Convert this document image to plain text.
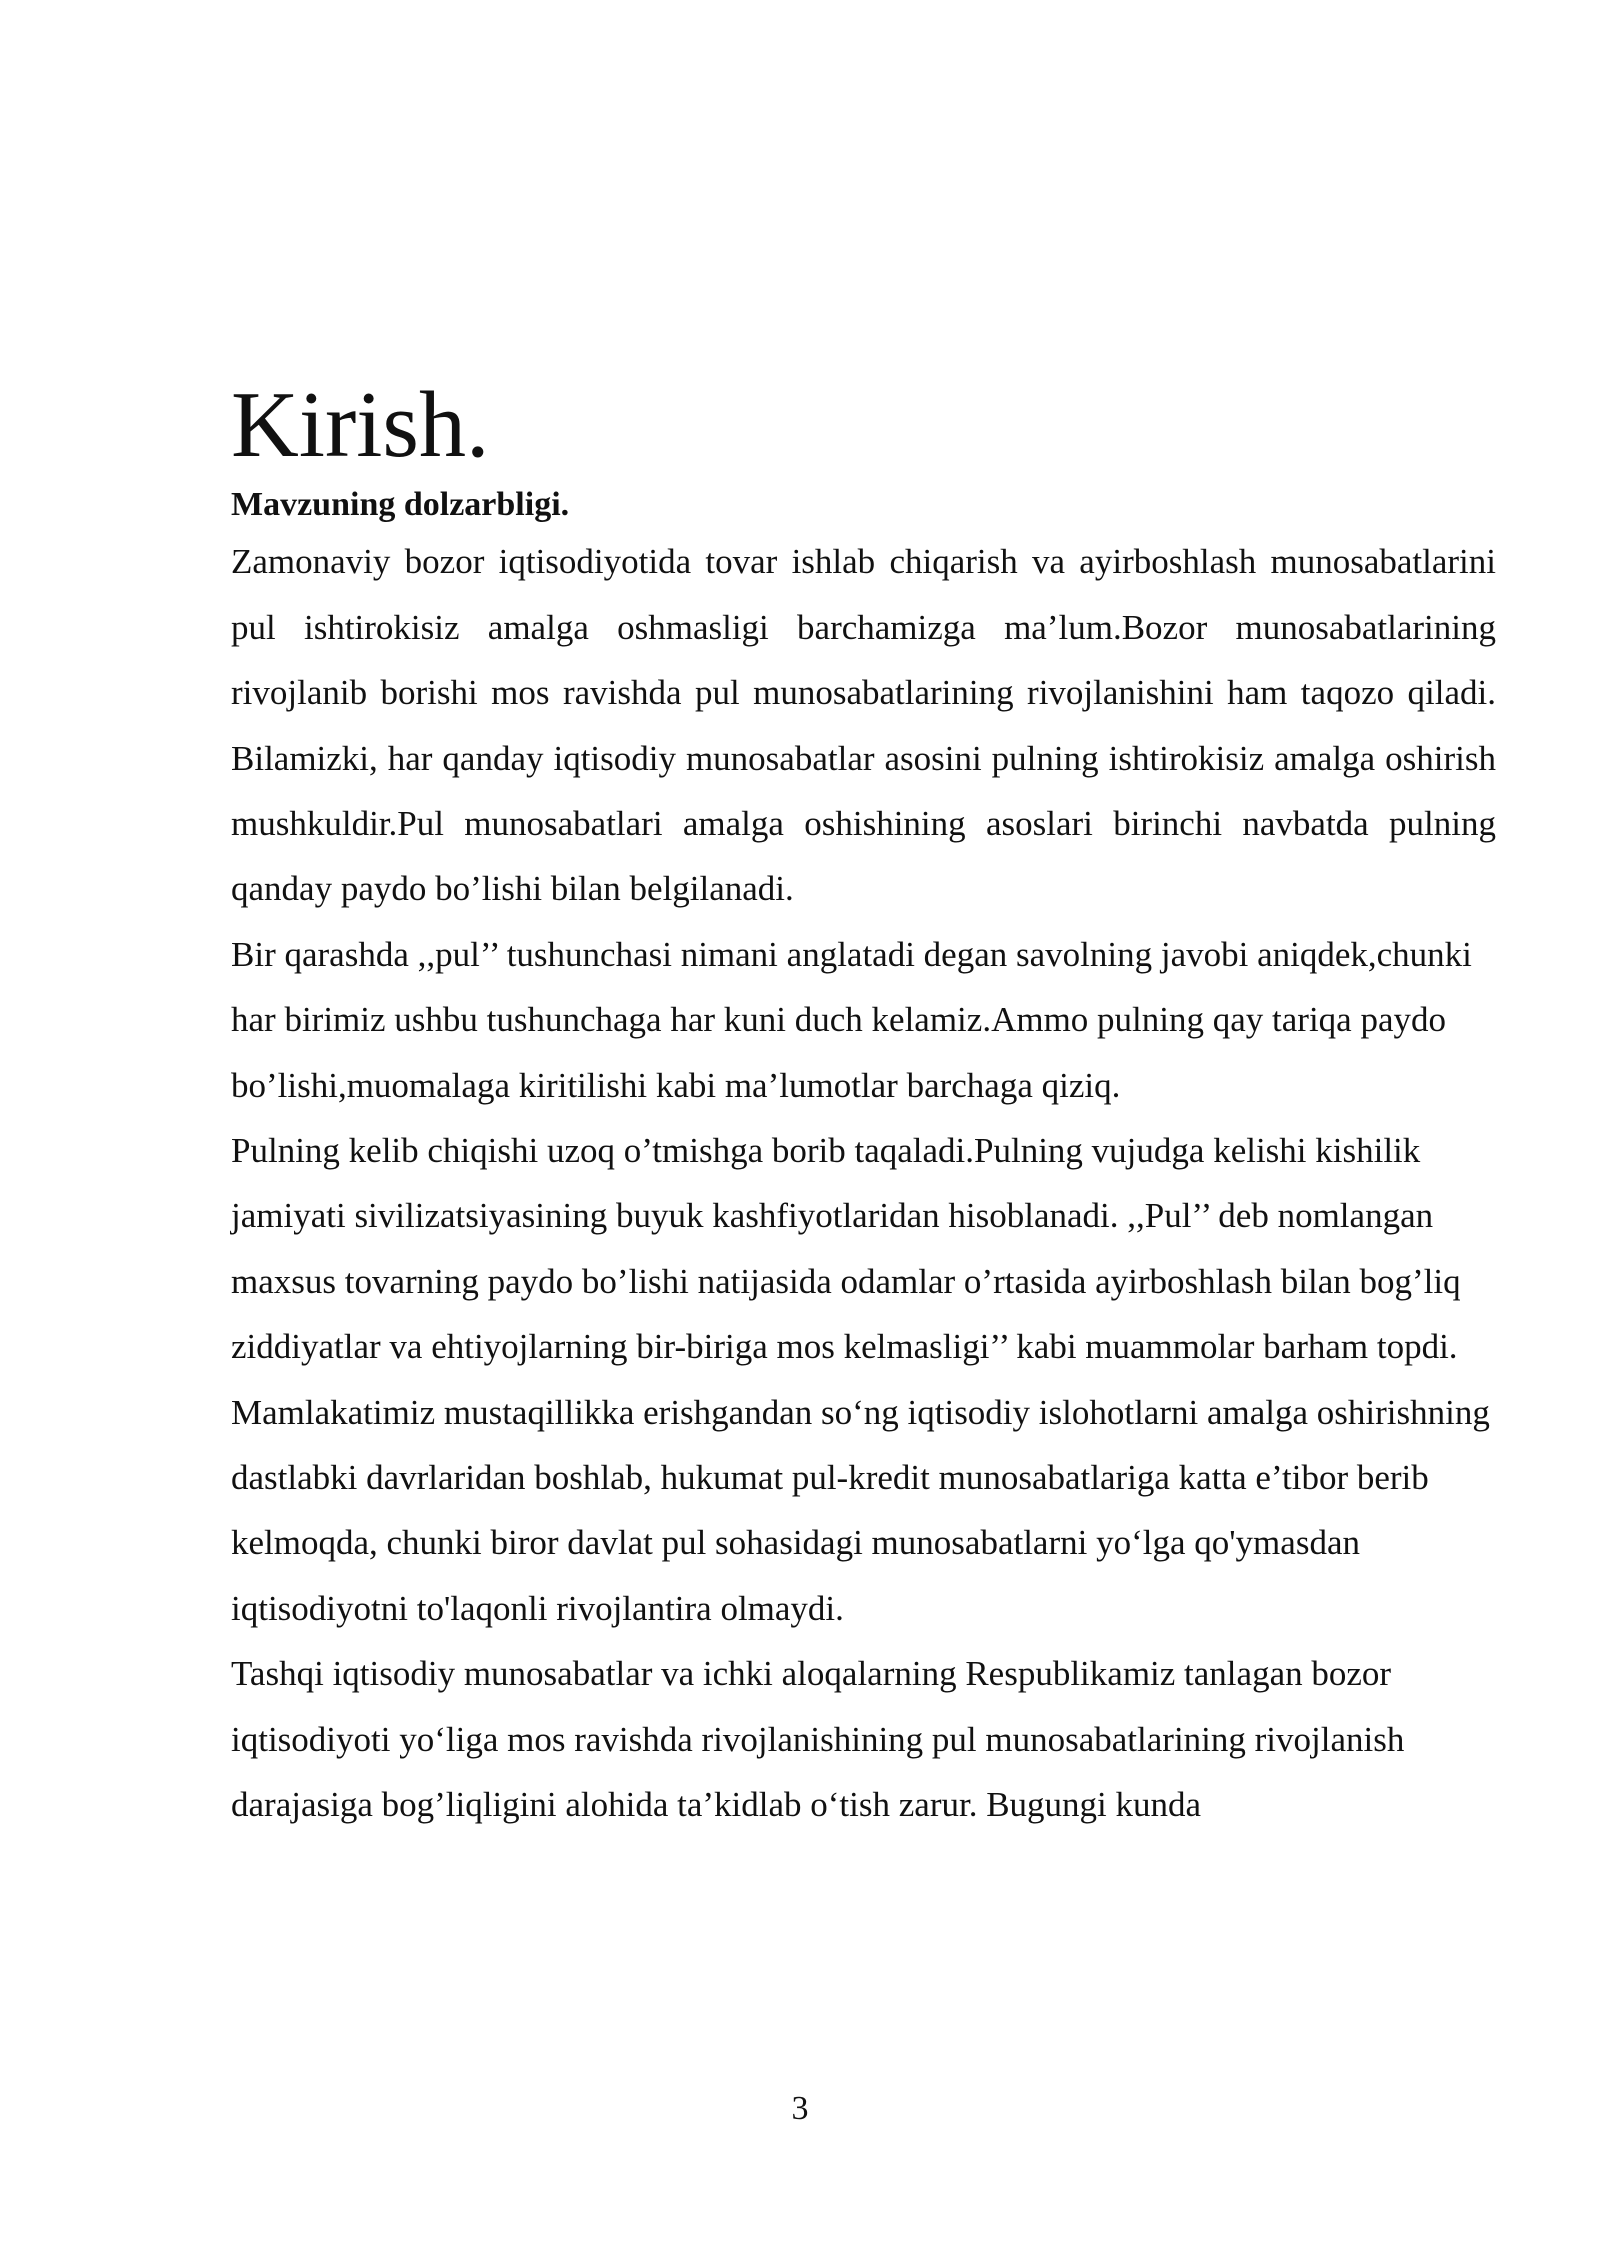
Kirish.

Mavzuning dolzarbligi.

Zamonaviy bozor iqtisodiyotida tovar ishlab chiqarish va ayirboshlash munosabatlarini pul ishtirokisiz amalga oshmasligi barchamizga ma’lum.Bozor munosabatlarining rivojlanib borishi mos ravishda pul munosabatlarining rivojlanishini ham taqozo qiladi. Bilamizki, har qanday iqtisodiy munosabatlar asosini pulning ishtirokisiz amalga oshirish mushkuldir.Pul munosabatlari amalga oshishining asoslari birinchi navbatda pulning qanday paydo bo’lishi bilan belgilanadi.

Bir qarashda ,,pul’’ tushunchasi nimani anglatadi degan savolning javobi aniqdek,chunki har birimiz ushbu tushunchaga har kuni duch kelamiz.Ammo pulning qay tariqa paydo bo’lishi,muomalaga kiritilishi kabi ma’lumotlar barchaga qiziq.

Pulning kelib chiqishi uzoq o’tmishga borib taqaladi.Pulning vujudga kelishi kishilik jamiyati sivilizatsiyasining buyuk kashfiyotlaridan hisoblanadi. ,,Pul’’ deb nomlangan maxsus tovarning paydo bo’lishi natijasida odamlar o’rtasida ayirboshlash bilan bog’liq ziddiyatlar va ehtiyojlarning bir-biriga mos kelmasligi’’ kabi muammolar barham topdi.

Mamlakatimiz mustaqillikka erishgandan so‘ng iqtisodiy islohotlarni amalga oshirishning dastlabki davrlaridan boshlab, hukumat pul-kredit munosabatlariga katta e’tibor berib kelmoqda, chunki biror davlat pul sohasidagi munosabatlarni yo‘lga qo'ymasdan iqtisodiyotni to'laqonli rivojlantira olmaydi.

Tashqi iqtisodiy munosabatlar va ichki aloqalarning Respublikamiz tanlagan bozor iqtisodiyoti yo‘liga mos ravishda rivojlanishining pul munosabatlarining rivojlanish darajasiga bog’liqligini alohida ta’kidlab o‘tish zarur. Bugungi kunda

3
